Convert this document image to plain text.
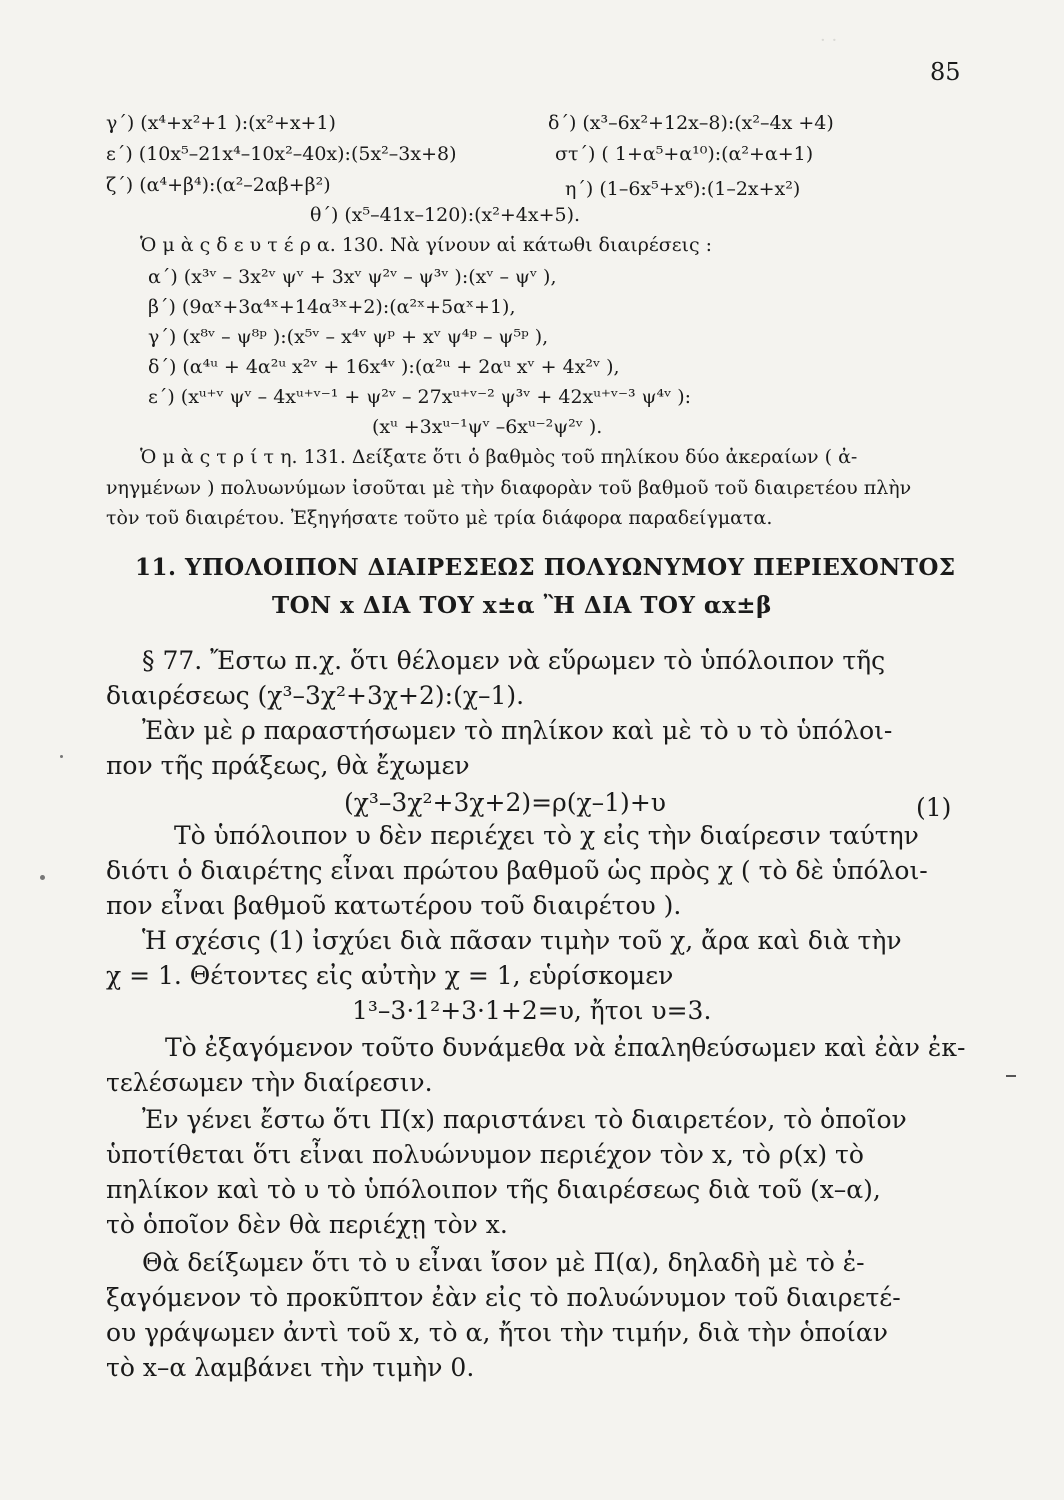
· ·
85
γ΄) (x⁴+x²+1 ):(x²+x+1)	δ΄) (x³–6x²+12x–8):(x²–4x +4)
ε΄) (10x⁵–21x⁴–10x²–40x):(5x²–3x+8)	στ΄) ( 1+α⁵+α¹⁰):(α²+α+1)
ζ΄) (α⁴+β⁴):(α²–2αβ+β²)	η΄) (1–6x⁵+x⁶):(1–2x+x²)
θ΄) (x⁵–41x–120):(x²+4x+5).
Ὁ μ ὰ ς δ ε υ τ έ ρ α. 130. Νὰ γίνουν αἱ κάτωθι διαιρέσεις :
α΄) (x³ᵛ – 3x²ᵛ ψᵛ + 3xᵛ ψ²ᵛ – ψ³ᵛ ):(xᵛ – ψᵛ ),
β΄) (9αˣ+3α⁴ˣ+14α³ˣ+2):(α²ˣ+5αˣ+1),
γ΄) (x⁸ᵛ – ψ⁸ᵖ ):(x⁵ᵛ – x⁴ᵛ ψᵖ + xᵛ ψ⁴ᵖ – ψ⁵ᵖ ),
δ΄) (α⁴ᵘ + 4α²ᵘ x²ᵛ + 16x⁴ᵛ ):(α²ᵘ + 2αᵘ xᵛ + 4x²ᵛ ),
ε΄) (xᵘ⁺ᵛ ψᵛ – 4xᵘ⁺ᵛ⁻¹ + ψ²ᵛ – 27xᵘ⁺ᵛ⁻² ψ³ᵛ + 42xᵘ⁺ᵛ⁻³ ψ⁴ᵛ ):
(xᵘ +3xᵘ⁻¹ψᵛ –6xᵘ⁻²ψ²ᵛ ).
Ὁ μ ὰ ς τ ρ ί τ η. 131. Δείξατε ὅτι ὁ βαθμὸς τοῦ πηλίκου δύο ἀκεραίων ( ἀ-
νηγμένων ) πολυωνύμων ἰσοῦται μὲ τὴν διαφορὰν τοῦ βαθμοῦ τοῦ διαιρετέου πλὴν
τὸν τοῦ διαιρέτου. Ἐξηγήσατε τοῦτο μὲ τρία διάφορα παραδείγματα.
11. ΥΠΟΛΟΙΠΟΝ ΔΙΑΙΡΕΣΕΩΣ ΠΟΛΥΩΝΥΜΟΥ ΠΕΡΙΕΧΟΝΤΟΣ
ΤΟΝ x ΔΙΑ ΤΟΥ x±α Ἢ ΔΙΑ ΤΟΥ αx±β
§ 77. Ἔστω π.χ. ὅτι θέλομεν νὰ εὕρωμεν τὸ ὑπόλοιπον τῆς
διαιρέσεως (χ³–3χ²+3χ+2):(χ–1).
Ἐὰν μὲ ρ παραστήσωμεν τὸ πηλίκον καὶ μὲ τὸ υ τὸ ὑπόλοι-
πον τῆς πράξεως, θὰ ἔχωμεν
(χ³–3χ²+3χ+2)=ρ(χ–1)+υ	(1)
Τὸ ὑπόλοιπον υ δὲν περιέχει τὸ χ εἰς τὴν διαίρεσιν ταύτην
διότι ὁ διαιρέτης εἶναι πρώτου βαθμοῦ ὡς πρὸς χ ( τὸ δὲ ὑπόλοι-
πον εἶναι βαθμοῦ κατωτέρου τοῦ διαιρέτου ).
Ἡ σχέσις (1) ἰσχύει διὰ πᾶσαν τιμὴν τοῦ χ, ἄρα καὶ διὰ τὴν
χ = 1. Θέτοντες εἰς αὐτὴν χ = 1, εὑρίσκομεν
1³–3·1²+3·1+2=υ, ἤτοι υ=3.
Τὸ ἐξαγόμενον τοῦτο δυνάμεθα νὰ ἐπαληθεύσωμεν καὶ ἐὰν ἐκ-
τελέσωμεν τὴν διαίρεσιν.
Ἐν γένει ἔστω ὅτι Π(x) παριστάνει τὸ διαιρετέον, τὸ ὁποῖον
ὑποτίθεται ὅτι εἶναι πολυώνυμον περιέχον τὸν x, τὸ ρ(x) τὸ
πηλίκον καὶ τὸ υ τὸ ὑπόλοιπον τῆς διαιρέσεως διὰ τοῦ (x–α),
τὸ ὁποῖον δὲν θὰ περιέχῃ τὸν x.
Θὰ δείξωμεν ὅτι τὸ υ εἶναι ἴσον μὲ Π(α), δηλαδὴ μὲ τὸ ἐ-
ξαγόμενον τὸ προκῦπτον ἐὰν εἰς τὸ πολυώνυμον τοῦ διαιρετέ-
ου γράψωμεν ἀντὶ τοῦ x, τὸ α, ἤτοι τὴν τιμήν, διὰ τὴν ὁποίαν
τὸ x–α λαμβάνει τὴν τιμὴν 0.
